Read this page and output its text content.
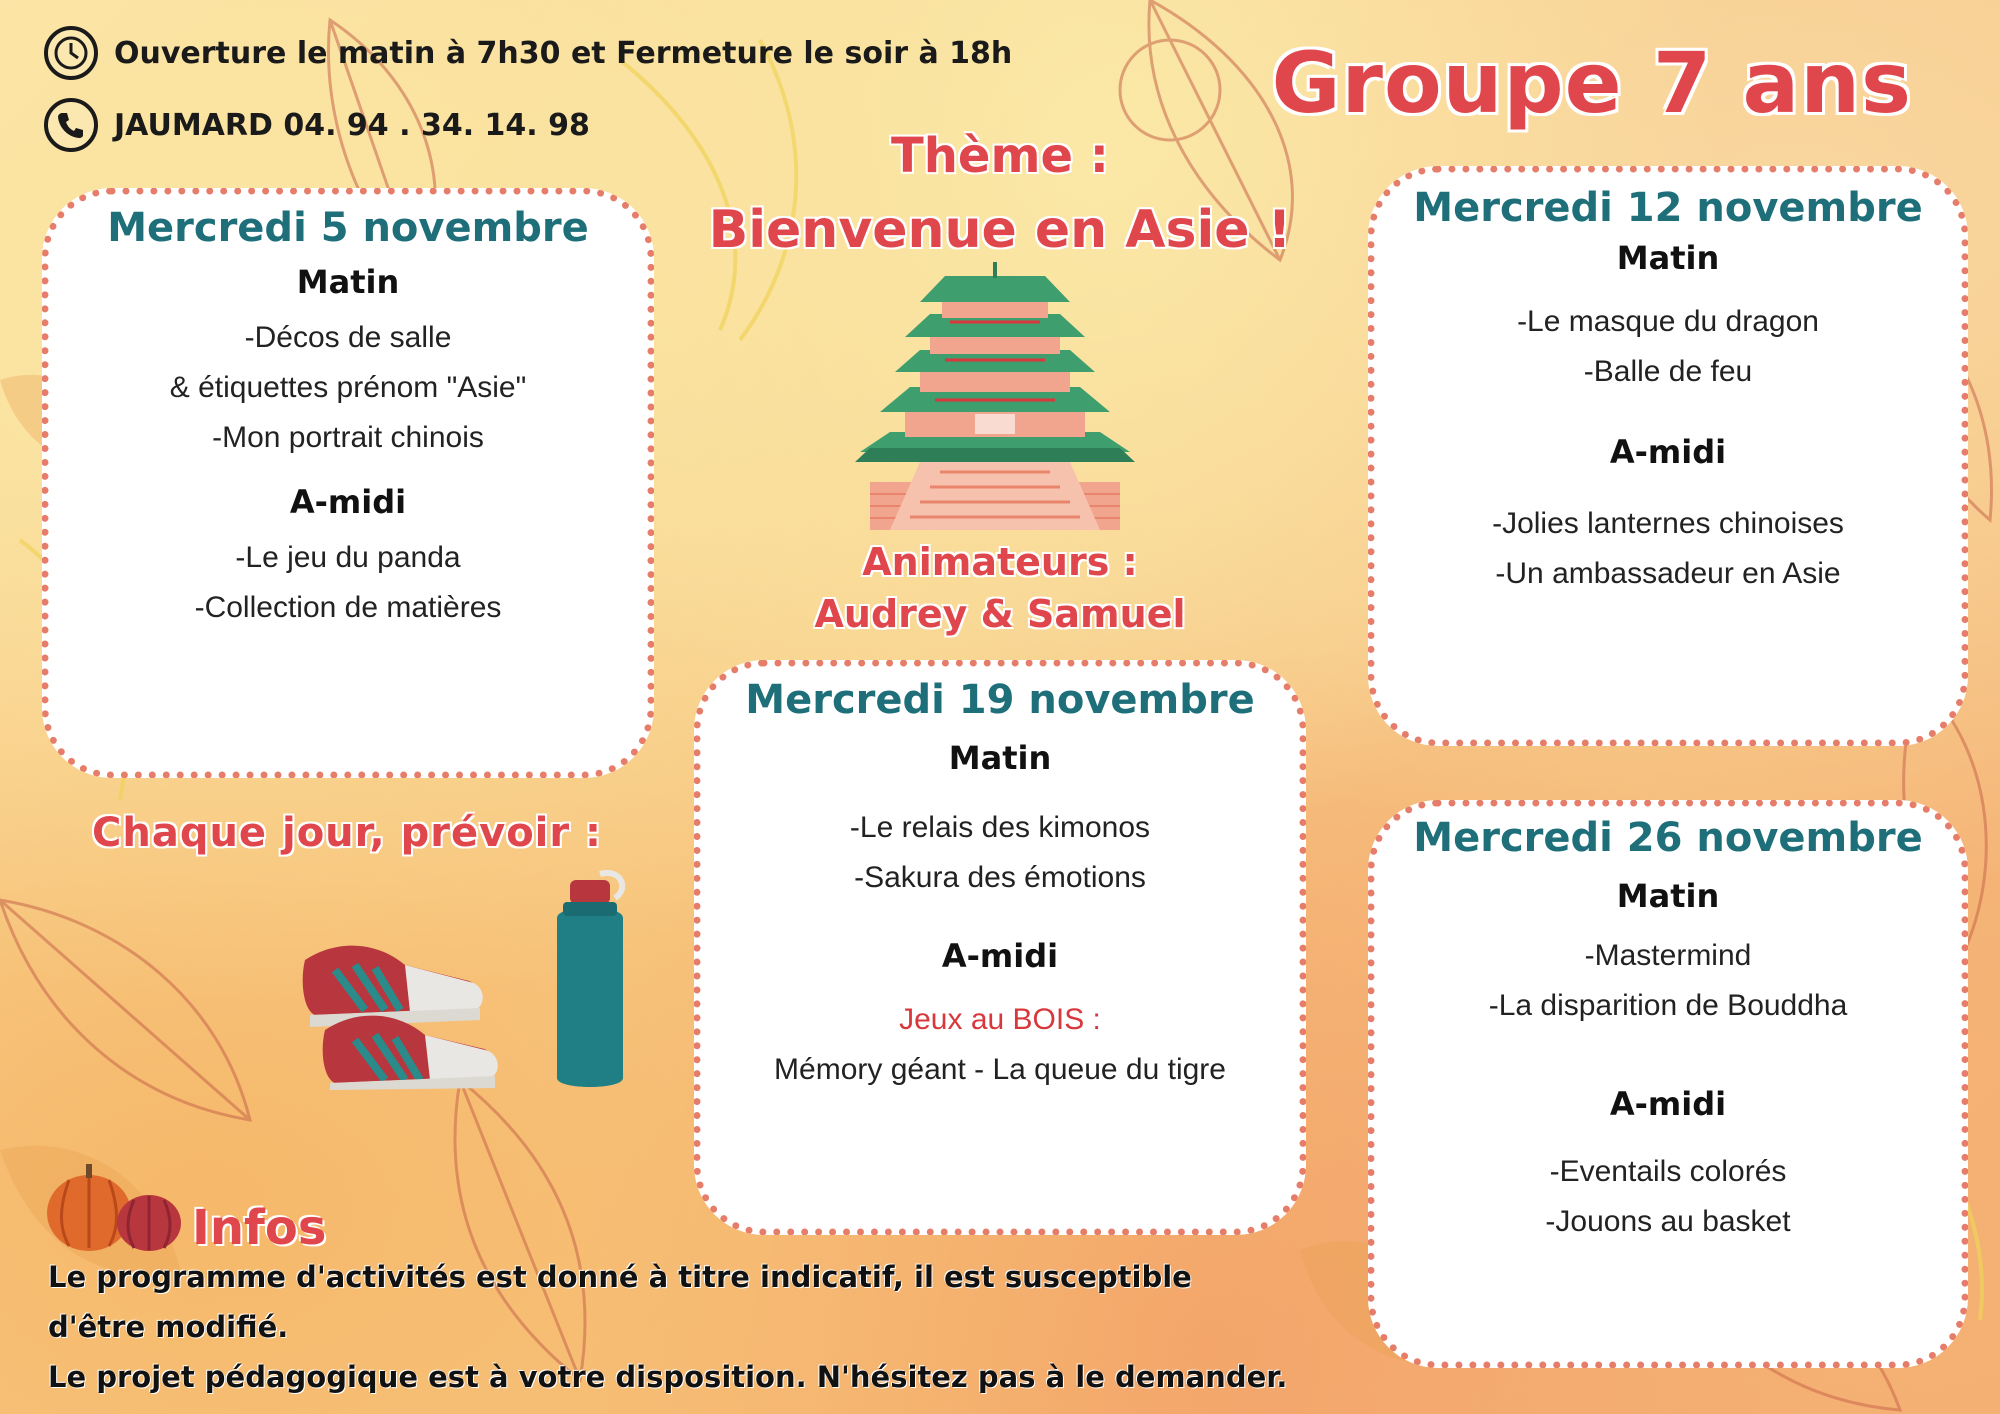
Ouverture le matin à 7h30 et Fermeture le soir à 18h
JAUMARD 04. 94 . 34. 14. 98	Groupe 7 ans
Thème :
Bienvenue en Asie !
Animateurs :
Audrey & Samuel
Mercredi 5 novembre
Matin
-Décos de salle
& étiquettes prénom "Asie"
-Mon portrait chinois
A-midi
-Le jeu du panda
-Collection de matières
Mercredi 12 novembre
Matin
-Le masque du dragon
-Balle de feu
A-midi
-Jolies lanternes chinoises
-Un ambassadeur en Asie
Mercredi 19 novembre
Matin
-Le relais des kimonos
-Sakura des émotions
A-midi
Jeux au BOIS :
Mémory géant - La queue du tigre
Mercredi 26 novembre
Matin
-Mastermind
-La disparition de Bouddha
A-midi
-Eventails colorés
-Jouons au basket
Chaque jour, prévoir :
Infos
Le programme d'activités est donné à titre indicatif, il est susceptible
d'être modifié.
Le projet pédagogique est à votre disposition. N'hésitez pas à le demander.
